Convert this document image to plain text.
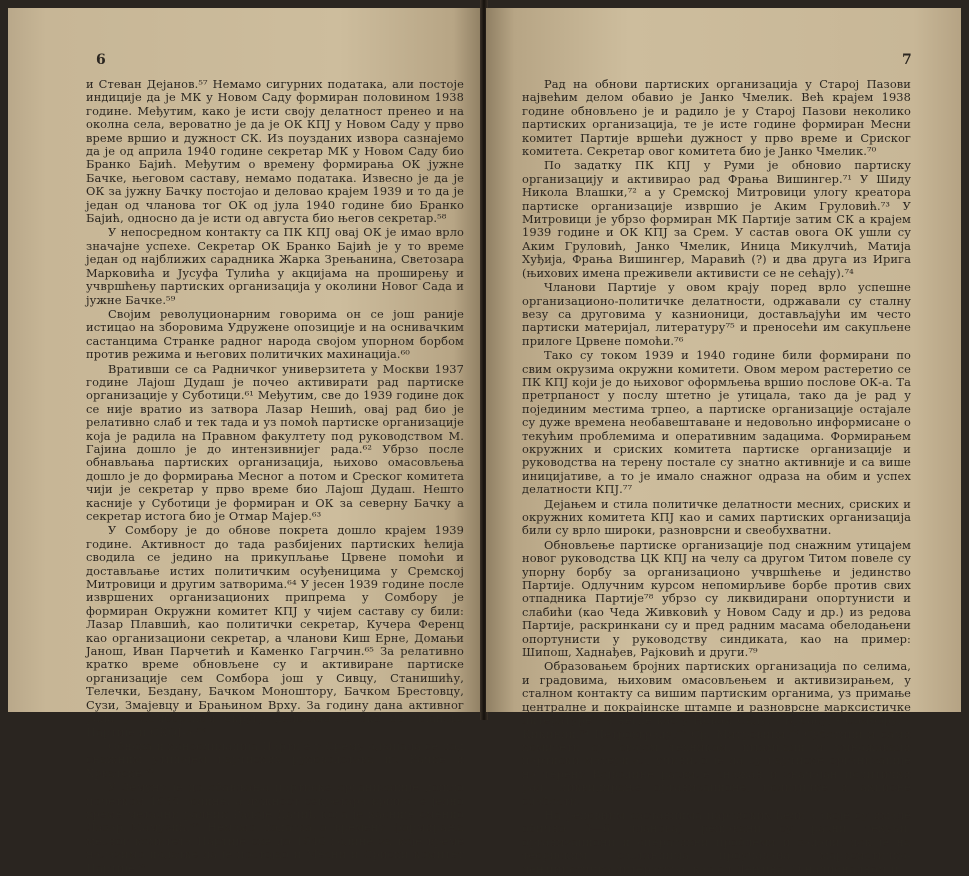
6

и Стеван Дејанов.⁵⁷ Немамо сигурних података, али постоје индиције да је МК у Новом Саду формиран половином 1938 године. Међутим, како је исти своју делатност пренео и на околна села, вероватно је да је ОК КПЈ у Новом Саду у прво време вршио и дужност СК. Из поузданих извора сазнајемо да је од априла 1940 године секретар МК у Новом Саду био Бранко Бајић. Међутим о времену формирања ОК јужне Бачке, његовом саставу, немамо података. Извесно је да је ОК за јужну Бачку постојао и деловао крајем 1939 и то да је један од чланова тог ОК од јула 1940 године био Бранко Бајић, односно да је исти од августа био његов секретар.⁵⁸

У непосредном контакту са ПК КПЈ овај ОК је имао врло значајне успехе. Секретар ОК Бранко Бајић је у то време један од најближих сарадника Жарка Зрењанина, Светозара Марковића и Јусуфа Тулића у акцијама на проширењу и учвршћењу партиских организација у околини Новог Сада и јужне Бачке.⁵⁹

Својим револуционарним говорима он се још раније истицао на зборовима Удружене опозиције и на оснивачким састанцима Странке радног народа својом упорном борбом против режима и његових политичких махинација.⁶⁰

Вративши се са Радничког универзитета у Москви 1937 године Лајош Дудаш је почео активирати рад партиске организације у Суботици.⁶¹ Међутим, све до 1939 године док се није вратио из затвора Лазар Нешић, овај рад био је релативно слаб и тек тада и уз помоћ партиске организације која је радила на Правном факултету под руководством М. Гајина дошло је до интензивнијег рада.⁶² Убрзо после обнављања партиских организација, њихово омасовљења дошло је до формирања Месног а потом и Среског комитета чији је секретар у прво време био Лајош Дудаш. Нешто касније у Суботици је формиран и ОК за северну Бачку а секретар истога био је Отмар Мајер.⁶³

У Сомбору је до обнове покрета дошло крајем 1939 године. Активност до тада разбијених партиских ћелија сводила се једино на прикупљање Црвене помоћи и достављање истих политичким осуђеницима у Сремској Митровици и другим затворима.⁶⁴ У јесен 1939 године после извршених организационих припрема у Сомбору је формиран Окружни комитет КПЈ у чијем саставу су били: Лазар Плавшић, као политички секретар, Кучера Ференц као организациони секретар, а чланови Киш Ерне, Домањи Јанош, Иван Парчетић и Каменко Гагрчин.⁶⁵ За релативно кратко време обновљене су и активиране партиске организације сем Сомбора још у Сивцу, Станишићу, Телечки, Бездану, Бачком Моноштору, Бачком Брестовцу, Сузи, Змајевцу и Брањином Врху. За годину дана активног рада у Сомборском округу деловало је око 80 чланова Партије и СКОЈ-а.⁶⁶

Обнова и консолидација Партије у Срему одвијала се под снажним утицајем партиских руководстава из Бачке и Хрватске.⁶⁷

У Земуну је до обављања партиске организације дошло почетком 1938 године, а дужност секретара вршио је једно време метални радник Радоје Дачић кога је касније сменио Лазар Мамузић.⁶⁸ Немамо податка о времену формирања месног комитета Партије све до 1940 године за које време налазимо податке да је постојао и Месни и Сриски комитет Партије.⁶⁹

7

Рад на обнови партиских организација у Старој Пазови највећим делом обавио је Јанко Чмелик. Већ крајем 1938 године обновљено је и радило је у Старој Пазови неколико партиских организација, те је исте године формиран Месни комитет Партије вршећи дужност у прво време и Сриског комитета. Секретар овог комитета био је Јанко Чмелик.⁷⁰

По задатку ПК КПЈ у Руми је обновио партиску организацију и активирао рад Фрања Вишингер.⁷¹ У Шиду Никола Влашки,⁷² а у Сремској Митровици улогу креатора партиске организације извршио је Аким Груловић.⁷³ У Митровици је убрзо формиран МК Партије затим СК а крајем 1939 године и ОК КПЈ за Срем. У састав овога ОК ушли су Аким Груловић, Јанко Чмелик, Иница Микулчић, Матија Хуђија, Фрања Вишингер, Маравић (?) и два друга из Ирига (њихових имена преживели активисти се не сећају).⁷⁴

Чланови Партије у овом крају поред врло успешне организационо-политичке делатности, одржавали су сталну везу са друговима у казнионици, достављајући им често партиски материјал, литературу⁷⁵ и преносећи им сакупљене прилоге Црвене помоћи.⁷⁶

Тако су током 1939 и 1940 године били формирани по свим окрузима окружни комитети. Овом мером растеретио се ПК КПЈ који је до њиховог оформљења вршио послове ОК-а. Та претрпаност у послу штетно је утицала, тако да је рад у појединим местима трпео, а партиске организације остајале су дуже времена необавештаване и недовољно информисане о текућим проблемима и оперативним задацима. Формирањем окружних и сриских комитета партиске организације и руководства на терену постале су знатно активније и са више иницијативе, а то је имало снажног одраза на обим и успех делатности КПЈ.⁷⁷

Дејањем и стила политичке делатности месних, сриских и окружних комитета КПЈ као и самих партиских организација били су врло широки, разноврсни и свеобухватни.

Обновљење партиске организације под снажним утицајем новог руководства ЦК КПЈ на челу са другом Титом повеле су упорну борбу за организационо учвршћење и јединство Партије. Одлучним курсом непомирљиве борбе против свих отпадника Партије⁷⁸ убрзо су ликвидирани опортунисти и слабићи (као Чеда Живковић у Новом Саду и др.) из редова Партије, раскринкани су и пред радним масама обелодањени опортунисти у руководству синдиката, као на пример: Шипош, Хаднађев, Рајковић и други.⁷⁹

Образовањем бројних партиских организација по селима, и градовима, њиховим омасовљењем и активизирањем, у сталном контакту са вишим партиским органима, уз примање централне и покрајинске штампе и разноврсне марксистичке литературе⁸⁰ а негде као у Новом Саду,⁸¹ Врбасу,⁸² Сомбору,⁸³ Кикинди,⁸⁴ Петровграду,⁸⁵ Ср. Митровици,⁸⁶ Суботици и сами комитети су, својом техником, штампали и умножавали партиски материјал, учинило је да су партиске организације на терену Војводине развиле снажан и значајан политички рад, ликвидирање организационе, политичке и акционе слабости.

На редовним састанцима партиских ћелија (које су имале обично 3—6 чланова) решавани су разни текући, организациони и оперативни проблеми и задаци, док је на теориским састанцима проучавана марксистичко-лењинистичка литература, као од Лењина: О националном и
